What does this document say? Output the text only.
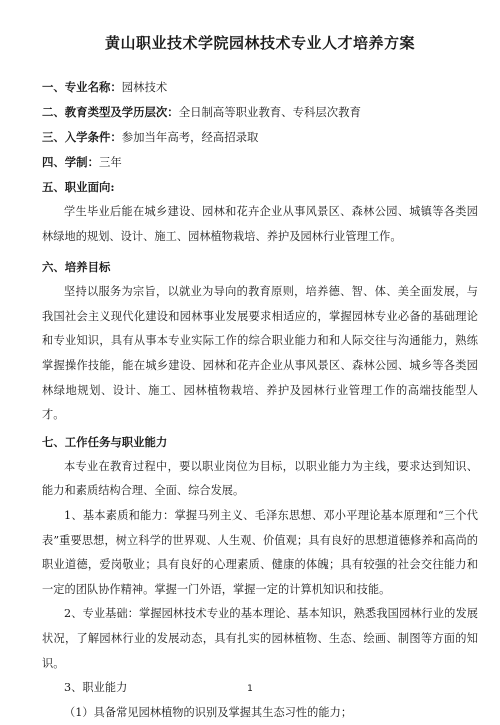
黄山职业技术学院园林技术专业人才培养方案

一、专业名称：园林技术

二、教育类型及学历层次：全日制高等职业教育、专科层次教育

三、入学条件：参加当年高考，经高招录取

四、学制：三年

五、职业面向:

学生毕业后能在城乡建设、园林和花卉企业从事风景区、森林公园、城镇等各类园林绿地的规划、设计、施工、园林植物栽培、养护及园林行业管理工作。

六、培养目标

坚持以服务为宗旨，以就业为导向的教育原则，培养德、智、体、美全面发展，与我国社会主义现代化建设和园林事业发展要求相适应的，掌握园林专业必备的基础理论和专业知识，具有从事本专业实际工作的综合职业能力和和人际交往与沟通能力，熟练掌握操作技能，能在城乡建设、园林和花卉企业从事风景区、森林公园、城乡等各类园林绿地规划、设计、施工、园林植物栽培、养护及园林行业管理工作的高端技能型人才。

七、工作任务与职业能力

本专业在教育过程中，要以职业岗位为目标，以职业能力为主线，要求达到知识、能力和素质结构合理、全面、综合发展。

1、基本素质和能力：掌握马列主义、毛泽东思想、邓小平理论基本原理和“三个代表”重要思想，树立科学的世界观、人生观、价值观；具有良好的思想道德修养和高尚的职业道德，爱岗敬业；具有良好的心理素质、健康的体魄；具有较强的社会交往能力和一定的团队协作精神。掌握一门外语，掌握一定的计算机知识和技能。

2、专业基础：掌握园林技术专业的基本理论、基本知识，熟悉我国园林行业的发展状况，了解园林行业的发展动态，具有扎实的园林植物、生态、绘画、制图等方面的知识。

3、职业能力

（1）具备常见园林植物的识别及掌握其生态习性的能力；

1
